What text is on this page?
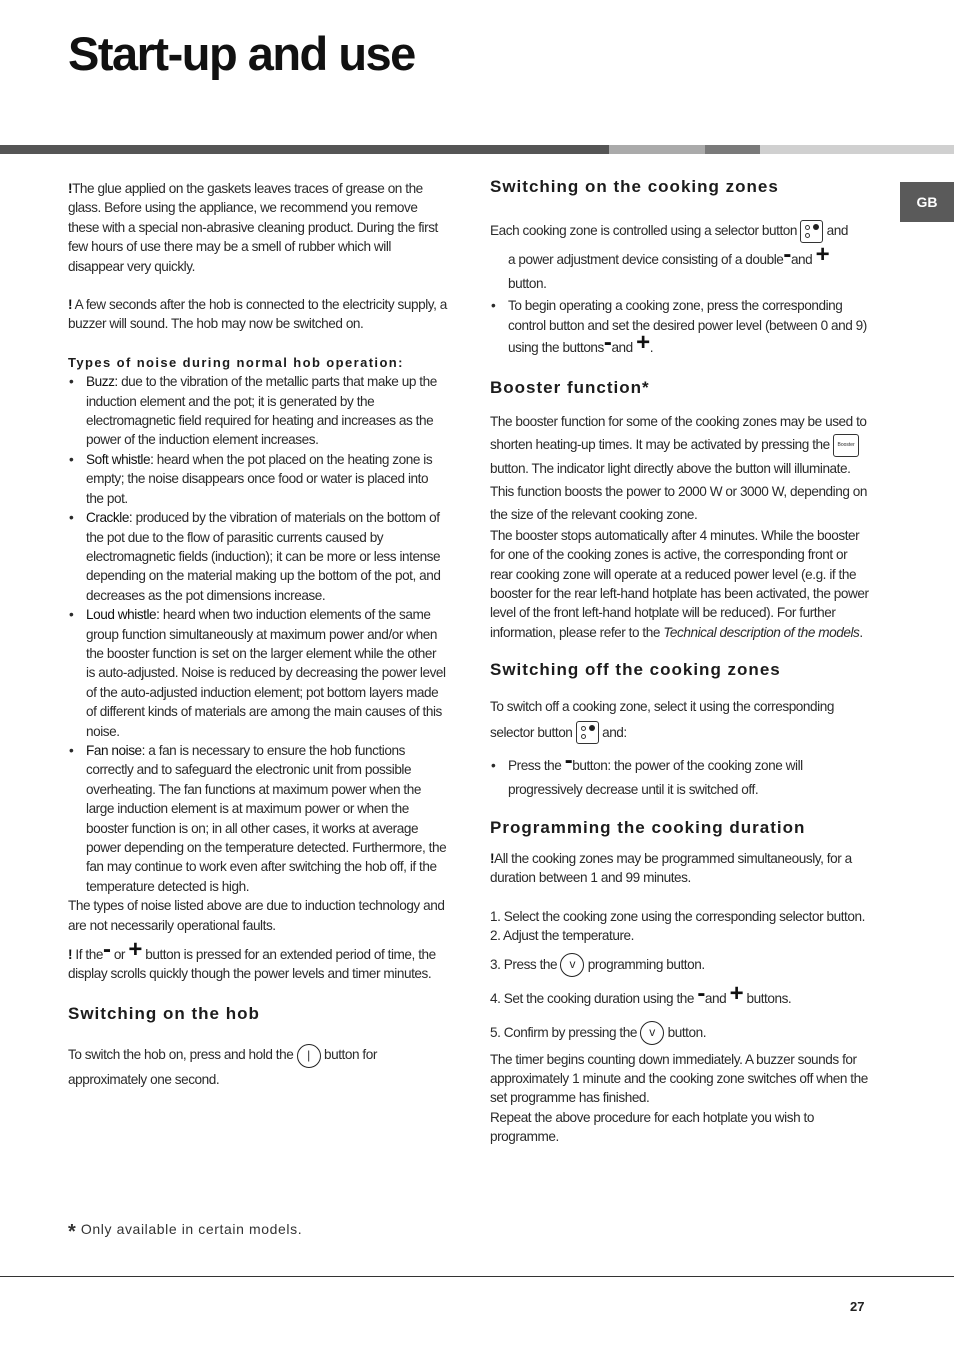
Start-up and use
GB

!The glue applied on the gaskets leaves traces of grease on the glass. Before using the appliance, we recommend you remove these with a special non-abrasive cleaning product. During the first few hours of use there may be a smell of rubber which will disappear very quickly.

! A few seconds after the hob is connected to the electricity supply, a buzzer will sound. The hob may now be switched on.

Types of noise during normal hob operation:

• Buzz: due to the vibration of the metallic parts that make up the induction element and the pot; it is generated by the electromagnetic field required for heating and increases as the power of the induction element increases.
• Soft whistle: heard when the pot placed on the heating zone is empty; the noise disappears once food or water is placed into the pot.
• Crackle: produced by the vibration of materials on the bottom of the pot due to the flow of parasitic currents caused by electromagnetic fields (induction); it can be more or less intense depending on the material making up the bottom of the pot, and decreases as the pot dimensions increase.
• Loud whistle: heard when two induction elements of the same group function simultaneously at maximum power and/or when the booster function is set on the larger element while the other is auto-adjusted. Noise is reduced by decreasing the power level of the auto-adjusted induction element; pot bottom layers made of different kinds of materials are among the main causes of this noise.
• Fan noise: a fan is necessary to ensure the hob functions correctly and to safeguard the electronic unit from possible overheating. The fan functions at maximum power when the large induction element is at maximum power or when the booster function is on; in all other cases, it works at average power depending on the temperature detected. Furthermore, the fan may continue to work even after switching the hob off, if the temperature detected is high.

The types of noise listed above are due to induction technology and are not necessarily operational faults.

! If the- or + button is pressed for an extended period of time, the display scrolls quickly though the power levels and timer minutes.

Switching on the hob

To switch the hob on, press and hold the | button for approximately one second.

Switching on the cooking zones

Each cooking zone is controlled using a selector button and

a power adjustment device consisting of a double-and +
button.

• To begin operating a cooking zone, press the corresponding control button and set the desired power level (between 0 and 9) using the buttons-and +.

Booster function*

The booster function for some of the cooking zones may be used to shorten heating-up times. It may be activated by pressing the Booster button. The indicator light directly above the button will illuminate. This function boosts the power to 2000 W or 3000 W, depending on the size of the relevant cooking zone.

The booster stops automatically after 4 minutes. While the booster for one of the cooking zones is active, the corresponding front or rear cooking zone will operate at a reduced power level (e.g. if the booster for the rear left-hand hotplate has been activated, the power level of the front left-hand hotplate will be reduced). For further information, please refer to the Technical description of the models.

Switching off the cooking zones

To switch off a cooking zone, select it using the corresponding selector button and:

• Press the -button: the power of the cooking zone will progressively decrease until it is switched off.

Programming the cooking duration

!All the cooking zones may be programmed simultaneously, for a duration between 1 and 99 minutes.

1. Select the cooking zone using the corresponding selector button.

2. Adjust the temperature.

3. Press the v programming button.

4. Set the cooking duration using the -and + buttons.

5. Confirm by pressing the v button.

The timer begins counting down immediately. A buzzer sounds for approximately 1 minute and the cooking zone switches off when the set programme has finished.

Repeat the above procedure for each hotplate you wish to programme.

* Only available in certain models.
27
